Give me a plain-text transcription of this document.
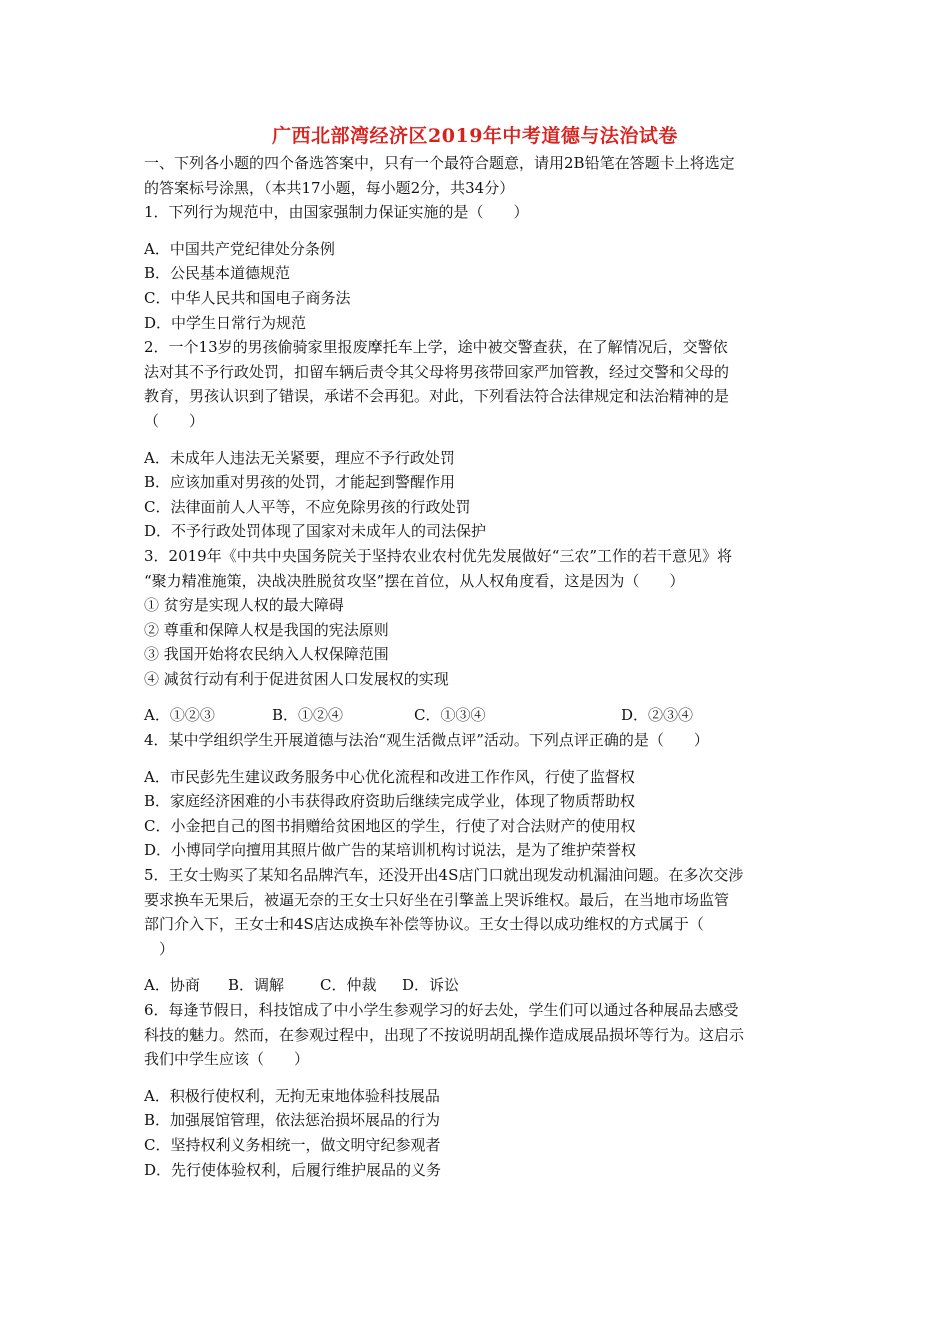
广西北部湾经济区2019年中考道德与法治试卷

一、下列各小题的四个备选答案中，只有一个最符合题意，请用2B铅笔在答题卡上将选定

的答案标号涂黑，（本共17小题，每小题2分，共34分）

1．下列行为规范中，由国家强制力保证实施的是（　　）

A．中国共产党纪律处分条例

B．公民基本道德规范

C．中华人民共和国电子商务法

D．中学生日常行为规范

2．一个13岁的男孩偷骑家里报废摩托车上学，途中被交警查获，在了解情况后，交警依

法对其不予行政处罚，扣留车辆后责令其父母将男孩带回家严加管教，经过交警和父母的

教育，男孩认识到了错误，承诺不会再犯。对此，下列看法符合法律规定和法治精神的是

（　　）

A．未成年人违法无关紧要，理应不予行政处罚

B．应该加重对男孩的处罚，才能起到警醒作用

C．法律面前人人平等，不应免除男孩的行政处罚

D．不予行政处罚体现了国家对未成年人的司法保护

3．2019年《中共中央国务院关于坚持农业农村优先发展做好“三农”工作的若干意见》将

“聚力精准施策，决战决胜脱贫攻坚”摆在首位，从人权角度看，这是因为（　　）

① 贫穷是实现人权的最大障碍

② 尊重和保障人权是我国的宪法原则

③ 我国开始将农民纳入人权保障范围

④ 减贫行动有利于促进贫困人口发展权的实现

A．①②③	B．①②④	C．①③④	D．②③④

4．某中学组织学生开展道德与法治“观生活微点评”活动。下列点评正确的是（　　）

A．市民彭先生建议政务服务中心优化流程和改进工作作风，行使了监督权

B．家庭经济困难的小韦获得政府资助后继续完成学业，体现了物质帮助权

C．小金把自己的图书捐赠给贫困地区的学生，行使了对合法财产的使用权

D．小博同学向擅用其照片做广告的某培训机构讨说法，是为了维护荣誉权

5．王女士购买了某知名品牌汽车，还没开出4S店门口就出现发动机漏油问题。在多次交涉

要求换车无果后，被逼无奈的王女士只好坐在引擎盖上哭诉维权。最后，在当地市场监管

部门介入下，王女士和4S店达成换车补偿等协议。王女士得以成功维权的方式属于（

　）

A．协商 B．调解 C．仲裁 D．诉讼

6．每逢节假日，科技馆成了中小学生参观学习的好去处，学生们可以通过各种展品去感受

科技的魅力。然而，在参观过程中，出现了不按说明胡乱操作造成展品损坏等行为。这启示

我们中学生应该（　　）

A．积极行使权利，无拘无束地体验科技展品

B．加强展馆管理，依法惩治损坏展品的行为

C．坚持权利义务相统一，做文明守纪参观者

D．先行使体验权利，后履行维护展品的义务
